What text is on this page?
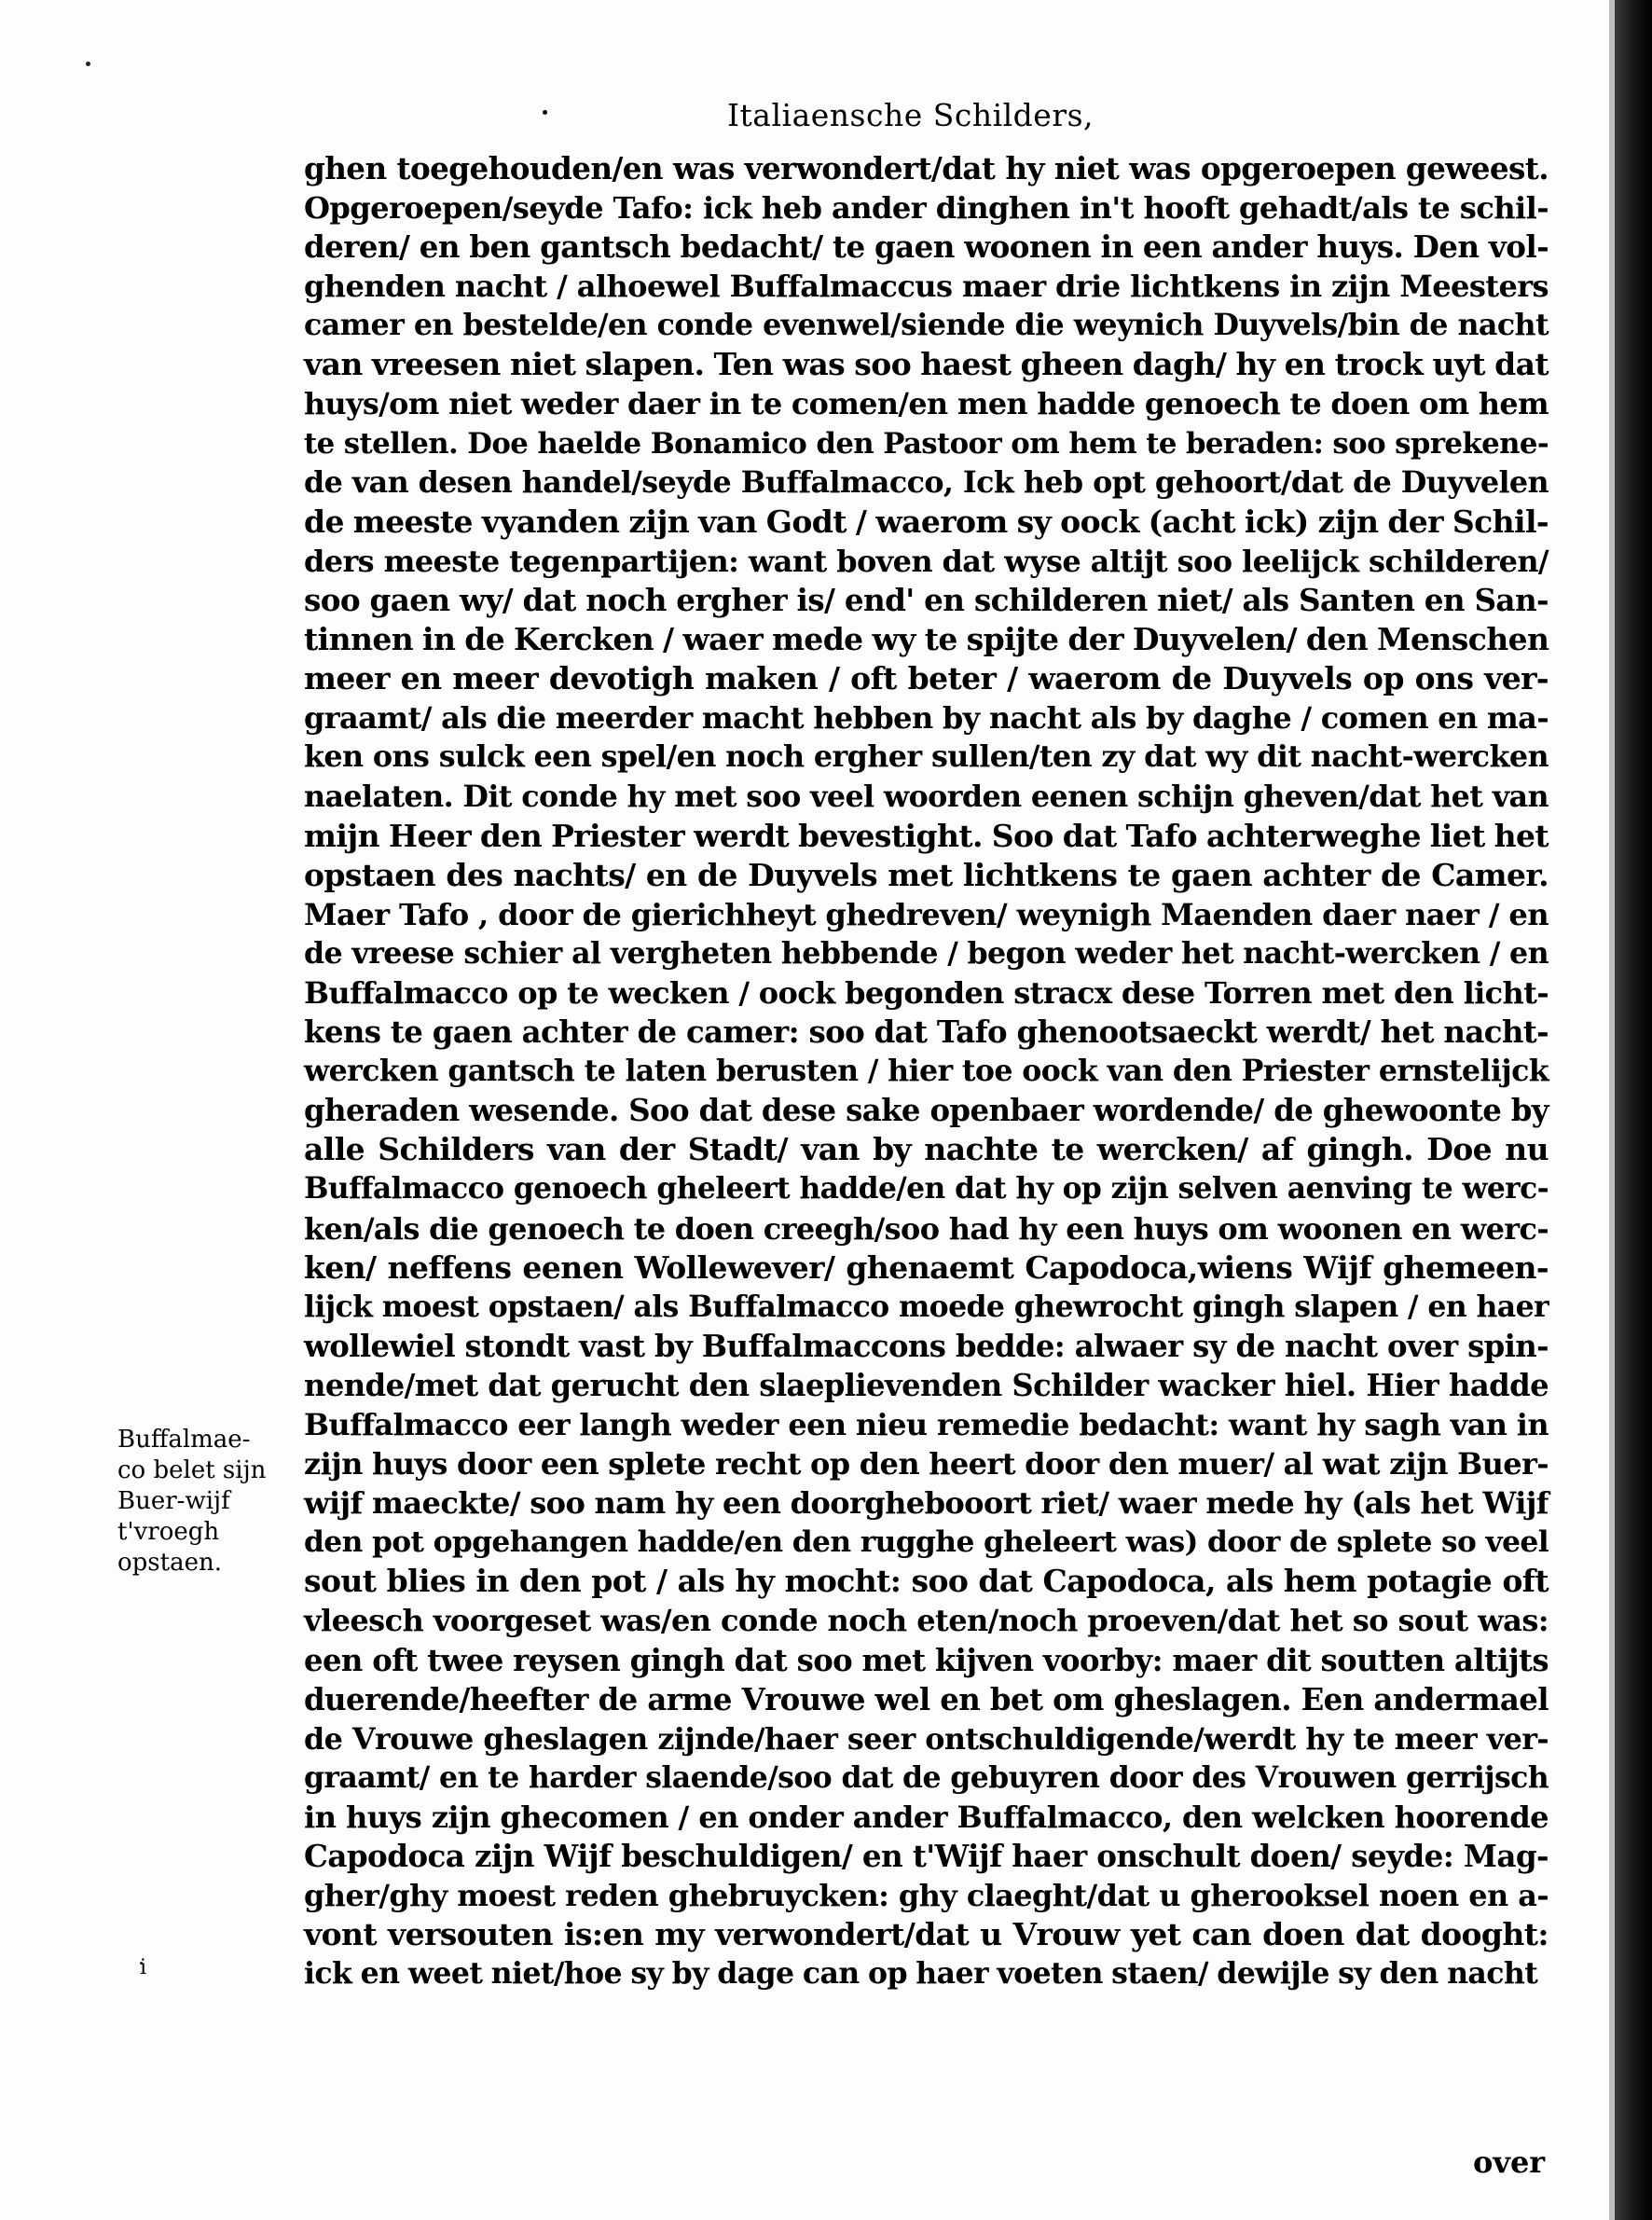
Italiaensche Schilders,
ghen toegehouden/en was verwondert/dat hy niet was opgeroepen geweest.
Opgeroepen/seyde Tafo: ick heb ander dinghen in't hooft gehadt/als te schil-
deren/ en ben gantsch bedacht/ te gaen woonen in een ander huys. Den vol-
ghenden nacht / alhoewel Buffalmaccus maer drie lichtkens in zijn Meesters
camer en bestelde/en conde evenwel/siende die weynich Duyvels/bin de nacht
van vreesen niet slapen. Ten was soo haest gheen dagh/ hy en trock uyt dat
huys/om niet weder daer in te comen/en men hadde genoech te doen om hem
te stellen. Doe haelde Bonamico den Pastoor om hem te beraden: soo sprekene-
de van desen handel/seyde Buffalmacco, Ick heb opt gehoort/dat de Duyvelen
de meeste vyanden zijn van Godt / waerom sy oock (acht ick) zijn der Schil-
ders meeste tegenpartijen: want boven dat wyse altijt soo leelijck schilderen/
soo gaen wy/ dat noch ergher is/ end' en schilderen niet/ als Santen en San-
tinnen in de Kercken / waer mede wy te spijte der Duyvelen/ den Menschen
meer en meer devotigh maken / oft beter / waerom de Duyvels op ons ver-
graamt/ als die meerder macht hebben by nacht als by daghe / comen en ma-
ken ons sulck een spel/en noch ergher sullen/ten zy dat wy dit nacht-wercken
naelaten. Dit conde hy met soo veel woorden eenen schijn gheven/dat het van
mijn Heer den Priester werdt bevestight. Soo dat Tafo achterweghe liet het
opstaen des nachts/ en de Duyvels met lichtkens te gaen achter de Camer.
Maer Tafo , door de gierichheyt ghedreven/ weynigh Maenden daer naer / en
de vreese schier al vergheten hebbende / begon weder het nacht-wercken / en
Buffalmacco op te wecken / oock begonden stracx dese Torren met den licht-
kens te gaen achter de camer: soo dat Tafo ghenootsaeckt werdt/ het nacht-
wercken gantsch te laten berusten / hier toe oock van den Priester ernstelijck
gheraden wesende. Soo dat dese sake openbaer wordende/ de ghewoonte by
alle Schilders van der Stadt/ van by nachte te wercken/ af gingh. Doe nu
Buffalmacco genoech gheleert hadde/en dat hy op zijn selven aenving te werc-
ken/als die genoech te doen creegh/soo had hy een huys om woonen en werc-
ken/ neffens eenen Wollewever/ ghenaemt Capodoca,wiens Wijf ghemeen-
lijck moest opstaen/ als Buffalmacco moede ghewrocht gingh slapen / en haer
wollewiel stondt vast by Buffalmaccons bedde: alwaer sy de nacht over spin-
nende/met dat gerucht den slaeplievenden Schilder wacker hiel. Hier hadde
Buffalmacco eer langh weder een nieu remedie bedacht: want hy sagh van in
zijn huys door een splete recht op den heert door den muer/ al wat zijn Buer-
wijf maeckte/ soo nam hy een doorghebooort riet/ waer mede hy (als het Wijf
den pot opgehangen hadde/en den rugghe gheleert was) door de splete so veel
sout blies in den pot / als hy mocht: soo dat Capodoca, als hem potagie oft
vleesch voorgeset was/en conde noch eten/noch proeven/dat het so sout was:
een oft twee reysen gingh dat soo met kijven voorby: maer dit soutten altijts
duerende/heefter de arme Vrouwe wel en bet om gheslagen. Een andermael
de Vrouwe gheslagen zijnde/haer seer ontschuldigende/werdt hy te meer ver-
graamt/ en te harder slaende/soo dat de gebuyren door des Vrouwen gerrijsch
in huys zijn ghecomen / en onder ander Buffalmacco, den welcken hoorende
Capodoca zijn Wijf beschuldigen/ en t'Wijf haer onschult doen/ seyde: Mag-
gher/ghy moest reden ghebruycken: ghy claeght/dat u gherooksel noen en a-
vont versouten is:en my verwondert/dat u Vrouw yet can doen dat dooght:
ick en weet niet/hoe sy by dage can op haer voeten staen/ dewijle sy den nacht
Buffalmae-
co belet sijn
Buer-wijf
t'vroegh
opstaen.
i
over
